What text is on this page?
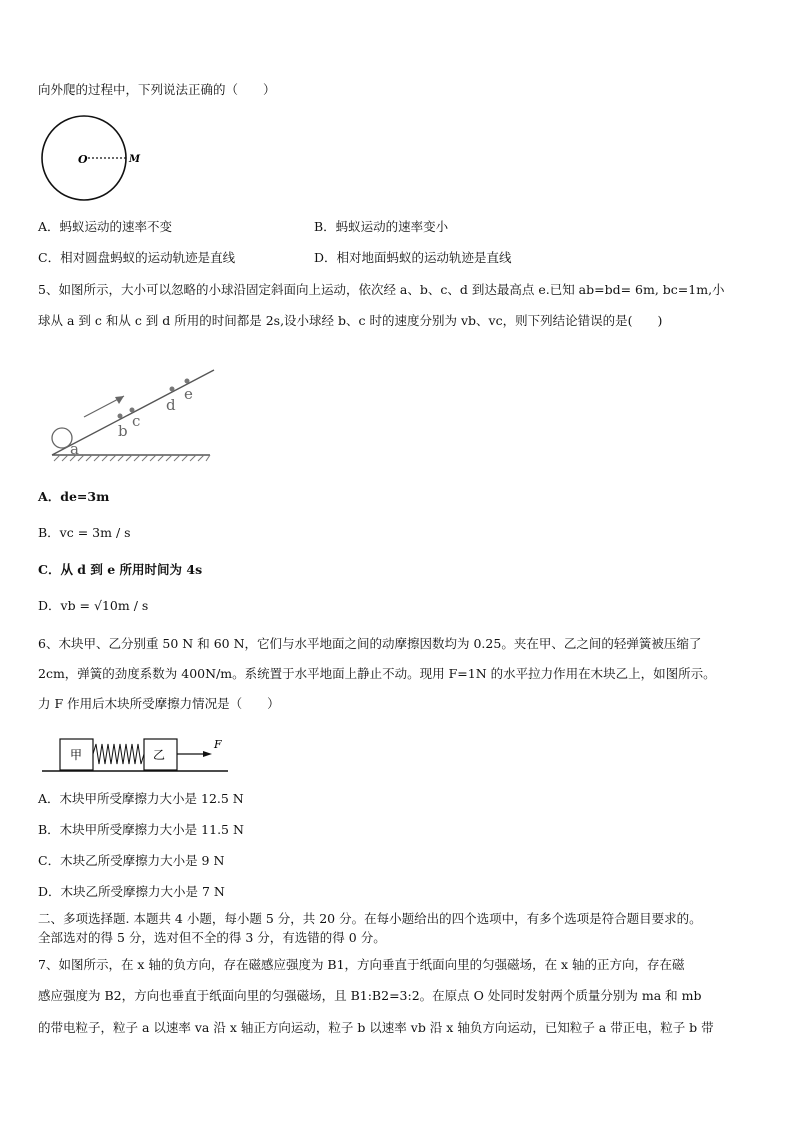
向外爬的过程中，下列说法正确的（　　）
O	M
A．蚂蚁运动的速率不变	B．蚂蚁运动的速率变小
C．相对圆盘蚂蚁的运动轨迹是直线	D．相对地面蚂蚁的运动轨迹是直线
5、如图所示，大小可以忽略的小球沿固定斜面向上运动，依次经 a、b、c、d 到达最高点 e.已知 ab=bd= 6m, bc=1m,小
球从 a 到 c 和从 c 到 d 所用的时间都是 2s,设小球经 b、c 时的速度分别为 vb、vc，则下列结论错误的是(　　)
a
b
c
d
e
A．de=3m
B．vc = 3m / s
C．从 d 到 e 所用时间为 4s
D．vb = √10m / s
6、木块甲、乙分别重 50 N 和 60 N，它们与水平地面之间的动摩擦因数均为 0.25。夹在甲、乙之间的轻弹簧被压缩了
2cm，弹簧的劲度系数为 400N/m。系统置于水平地面上静止不动。现用 F=1N 的水平拉力作用在木块乙上，如图所示。
力 F 作用后木块所受摩擦力情况是（　　）
甲	乙
F
A．木块甲所受摩擦力大小是 12.5 N
B．木块甲所受摩擦力大小是 11.5 N
C．木块乙所受摩擦力大小是 9 N
D．木块乙所受摩擦力大小是 7 N
二、多项选择题. 本题共 4 小题，每小题 5 分，共 20 分。在每小题给出的四个选项中，有多个选项是符合题目要求的。
全部选对的得 5 分，选对但不全的得 3 分，有选错的得 0 分。
7、如图所示，在 x 轴的负方向，存在磁感应强度为 B1，方向垂直于纸面向里的匀强磁场，在 x 轴的正方向，存在磁
感应强度为 B2，方向也垂直于纸面向里的匀强磁场，且 B1:B2=3:2。在原点 O 处同时发射两个质量分别为 ma 和 mb
的带电粒子，粒子 a 以速率 va 沿 x 轴正方向运动，粒子 b 以速率 vb 沿 x 轴负方向运动，已知粒子 a 带正电，粒子 b 带
